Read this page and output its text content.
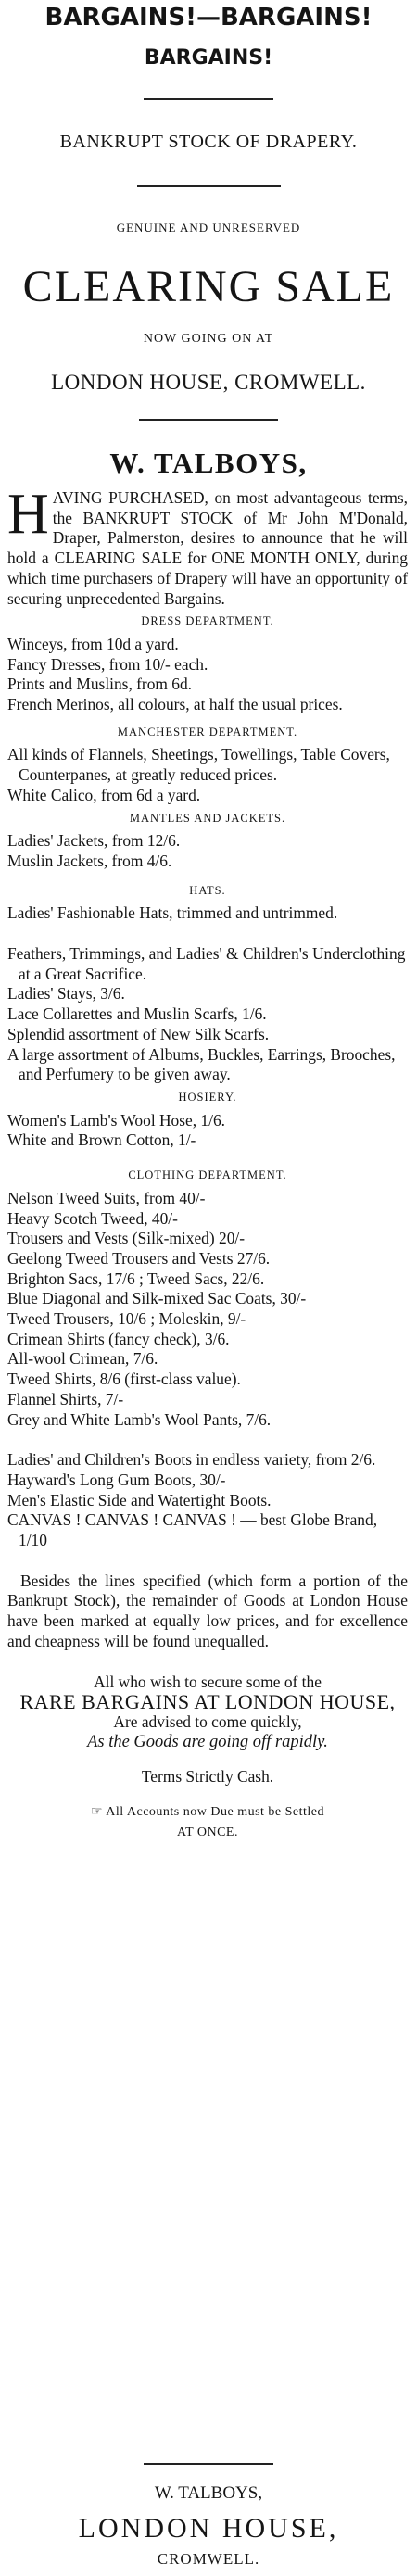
BARGAINS!—BARGAINS!
BARGAINS!
BANKRUPT STOCK OF DRAPERY.
GENUINE AND UNRESERVED
CLEARING SALE
NOW GOING ON AT
LONDON HOUSE, CROMWELL.
W. TALBOYS,

HAVING PURCHASED, on most advantageous terms, the BANKRUPT STOCK of Mr John M'Donald, Draper, Palmerston, desires to announce that he will hold a CLEARING SALE for ONE MONTH ONLY, during which time purchasers of Drapery will have an opportunity of securing unprecedented Bargains.

DRESS DEPARTMENT.

Winceys, from 10d a yard.

Fancy Dresses, from 10/- each.

Prints and Muslins, from 6d.

French Merinos, all colours, at half the usual prices.

MANCHESTER DEPARTMENT.

All kinds of Flannels, Sheetings, Towellings, Table Covers, Counterpanes, at greatly reduced prices.

White Calico, from 6d a yard.

MANTLES AND JACKETS.

Ladies' Jackets, from 12/6.

Muslin Jackets, from 4/6.

HATS.

Ladies' Fashionable Hats, trimmed and untrimmed.

Feathers, Trimmings, and Ladies' & Children's Underclothing at a Great Sacrifice.

Ladies' Stays, 3/6.

Lace Collarettes and Muslin Scarfs, 1/6.

Splendid assortment of New Silk Scarfs.

A large assortment of Albums, Buckles, Earrings, Brooches, and Perfumery to be given away.

HOSIERY.

Women's Lamb's Wool Hose, 1/6.

White and Brown Cotton, 1/-

CLOTHING DEPARTMENT.

Nelson Tweed Suits, from 40/-

Heavy Scotch Tweed, 40/-

Trousers and Vests (Silk-mixed) 20/-

Geelong Tweed Trousers and Vests 27/6.

Brighton Sacs, 17/6 ; Tweed Sacs, 22/6.

Blue Diagonal and Silk-mixed Sac Coats, 30/-

Tweed Trousers, 10/6 ; Moleskin, 9/-

Crimean Shirts (fancy check), 3/6.

All-wool Crimean, 7/6.

Tweed Shirts, 8/6 (first-class value).

Flannel Shirts, 7/-

Grey and White Lamb's Wool Pants, 7/6.

Ladies' and Children's Boots in endless variety, from 2/6.

Hayward's Long Gum Boots, 30/-

Men's Elastic Side and Watertight Boots.

CANVAS ! CANVAS ! CANVAS ! — best Globe Brand, 1/10

Besides the lines specified (which form a portion of the Bankrupt Stock), the remainder of Goods at London House have been marked at equally low prices, and for excellence and cheapness will be found unequalled.

All who wish to secure some of the

RARE BARGAINS AT LONDON HOUSE,

Are advised to come quickly,

As the Goods are going off rapidly.

Terms Strictly Cash.

☞ All Accounts now Due must be Settled

AT ONCE.

W. TALBOYS,
LONDON HOUSE,
CROMWELL.
